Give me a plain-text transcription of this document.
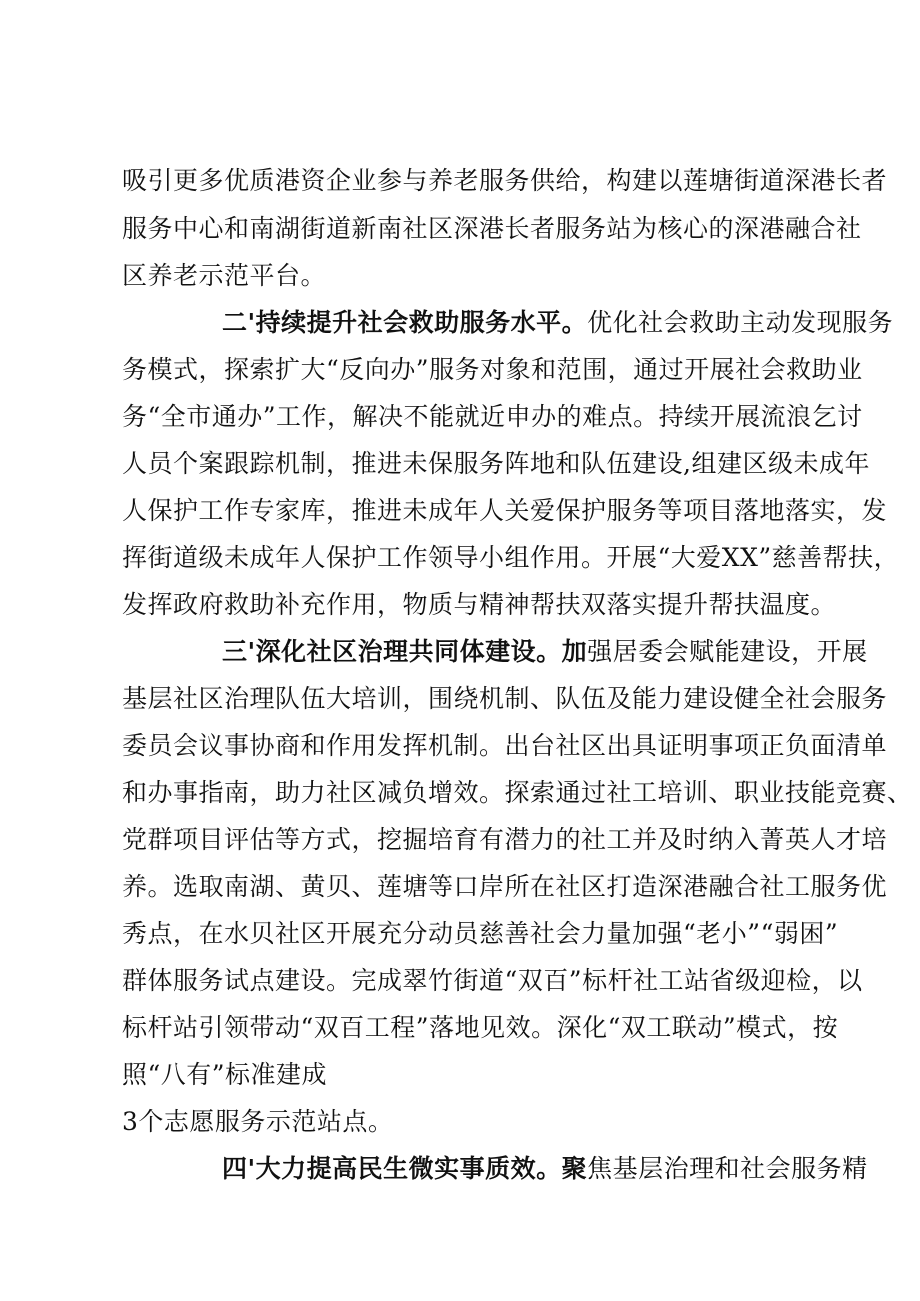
吸引更多优质港资企业参与养老服务供给，构建以莲塘街道深港长者
服务中心和南湖街道新南社区深港长者服务站为核心的深港融合社
区养老示范平台。
二'持续提升社会救助服务水平。优化社会救助主动发现服务
务模式，探索扩大“反向办”服务对象和范围，通过开展社会救助业
务“全市通办”工作，解决不能就近申办的难点。持续开展流浪乞讨
人员个案跟踪机制，推进未保服务阵地和队伍建设,组建区级未成年
人保护工作专家库，推进未成年人关爱保护服务等项目落地落实，发
挥街道级未成年人保护工作领导小组作用。开展“大爱XX”慈善帮扶，
发挥政府救助补充作用，物质与精神帮扶双落实提升帮扶温度。
三'深化社区治理共同体建设。加强居委会赋能建设，开展
基层社区治理队伍大培训，围绕机制、队伍及能力建设健全社会服务
委员会议事协商和作用发挥机制。出台社区出具证明事项正负面清单
和办事指南，助力社区减负增效。探索通过社工培训、职业技能竞赛、
党群项目评估等方式，挖掘培育有潜力的社工并及时纳入菁英人才培
养。选取南湖、黄贝、莲塘等口岸所在社区打造深港融合社工服务优
秀点，在水贝社区开展充分动员慈善社会力量加强“老小”“弱困”
群体服务试点建设。完成翠竹街道“双百”标杆社工站省级迎检，以
标杆站引领带动“双百工程”落地见效。深化“双工联动”模式，按
照“八有”标准建成
3个志愿服务示范站点。
四'大力提高民生微实事质效。聚焦基层治理和社会服务精
